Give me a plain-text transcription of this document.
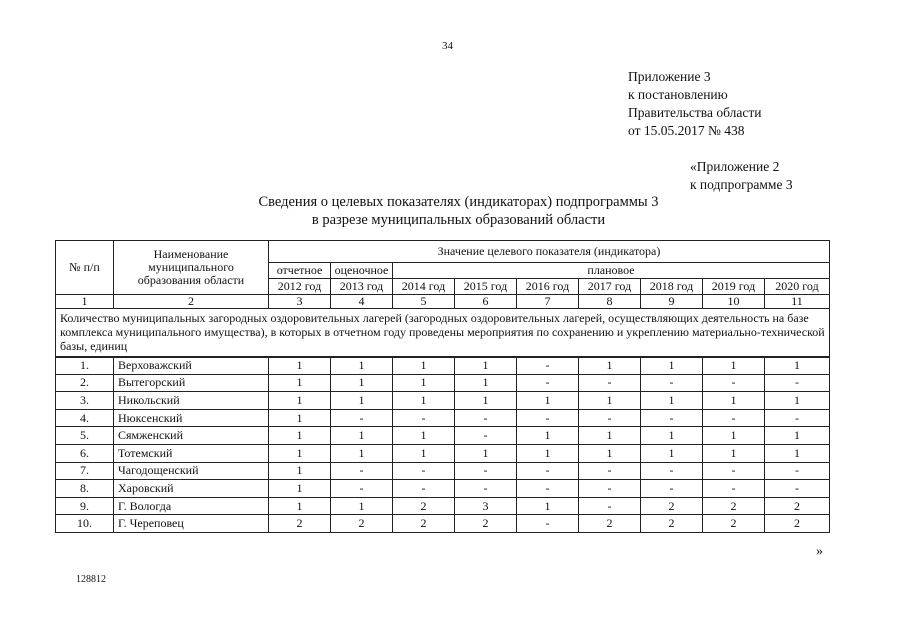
34
Приложение 3
к постановлению
Правительства области
от 15.05.2017 № 438
«Приложение 2
к подпрограмме 3
Сведения о целевых показателях (индикаторах) подпрограммы 3
в разрезе муниципальных образований области
№ п/п	Наименование муниципального образования области	Значение целевого показателя (индикатора)								
		отчетное	оценочное	плановое						
		2012 год	2013 год	2014 год	2015 год	2016 год	2017 год	2018 год	2019 год	2020 год
1	2	3	4	5	6	7	8	9	10	11
Количество муниципальных загородных оздоровительных лагерей (загородных оздоровительных лагерей, осуществляющих деятельность на базе комплекса муниципального имущества), в которых в отчетном году проведены мероприятия по сохранению и укреплению материально-технической базы, единиц										
1.	Верховажский	1	1	1	1	-	1	1	1	1
2.	Вытегорский	1	1	1	1	-	-	-	-	-
3.	Никольский	1	1	1	1	1	1	1	1	1
4.	Нюксенский	1	-	-	-	-	-	-	-	-
5.	Сямженский	1	1	1	-	1	1	1	1	1
6.	Тотемский	1	1	1	1	1	1	1	1	1
7.	Чагодощенский	1	-	-	-	-	-	-	-	-
8.	Харовский	1	-	-	-	-	-	-	-	-
9.	Г. Вологда	1	1	2	3	1	-	2	2	2
10.	Г. Череповец	2	2	2	2	-	2	2	2	2
»
128812
